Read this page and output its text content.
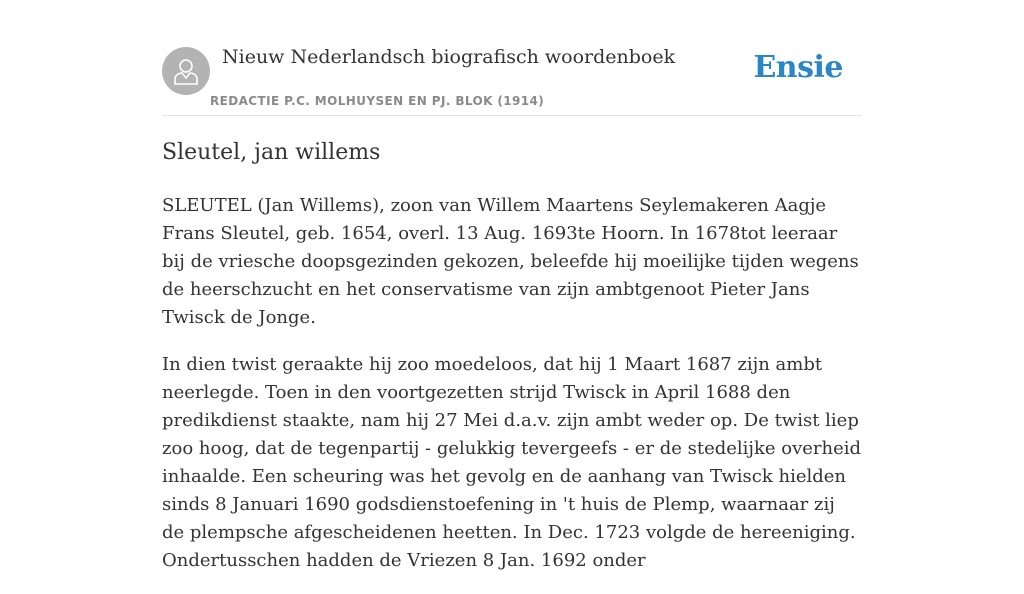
Nieuw Nederlandsch biografisch woordenboek
REDACTIE P.C. MOLHUYSEN EN PJ. BLOK (1914)
Ensie
Sleutel, jan willems

SLEUTEL (Jan Willems), zoon van Willem Maartens Seylemakeren Aagje Frans Sleutel, geb. 1654, overl. 13 Aug. 1693te Hoorn. In 1678tot leeraar bij de vriesche doopsgezinden gekozen, beleefde hij moeilijke tijden wegens de heerschzucht en het conservatisme van zijn ambtgenoot Pieter Jans Twisck de Jonge.

In dien twist geraakte hij zoo moedeloos, dat hij 1 Maart 1687 zijn ambt neerlegde. Toen in den voortgezetten strijd Twisck in April 1688 den predikdienst staakte, nam hij 27 Mei d.a.v. zijn ambt weder op. De twist liep zoo hoog, dat de tegenpartij - gelukkig tevergeefs - er de stedelijke overheid inhaalde. Een scheuring was het gevolg en de aanhang van Twisck hielden sinds 8 Januari 1690 godsdienstoefening in 't huis de Plemp, waarnaar zij de plempsche afgescheidenen heetten. In Dec. 1723 volgde de hereeniging. Ondertusschen hadden de Vriezen 8 Jan. 1692 onder
